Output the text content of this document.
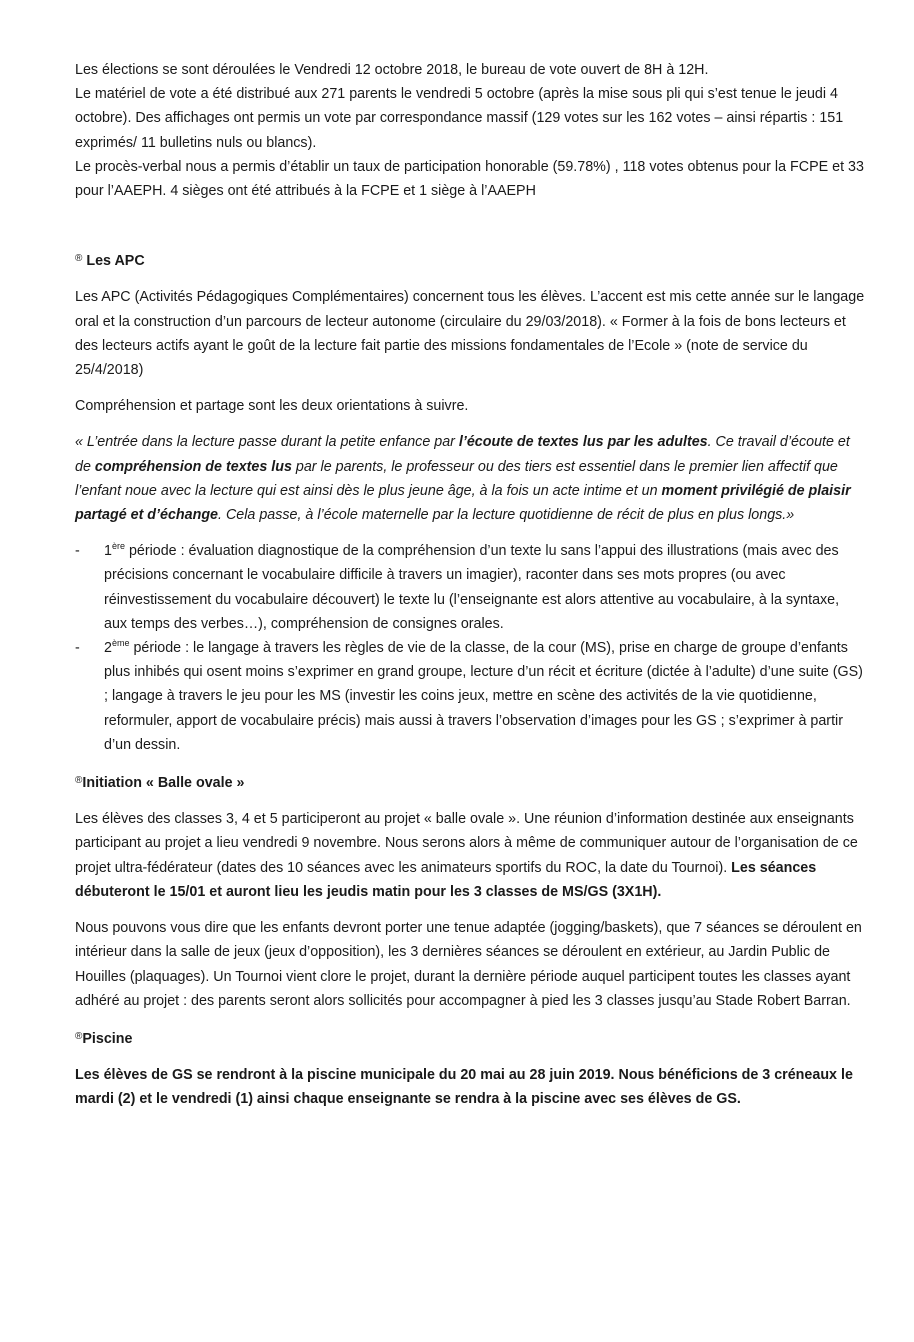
Les élections se sont déroulées le Vendredi 12 octobre 2018, le bureau de vote ouvert de 8H à 12H.

Le matériel de vote a été distribué aux 271 parents le vendredi 5 octobre (après la mise sous pli qui s’est tenue le jeudi 4 octobre). Des affichages ont permis un vote par correspondance massif (129 votes sur les 162 votes – ainsi répartis : 151 exprimés/ 11 bulletins nuls ou blancs).

Le procès-verbal nous a permis d’établir un taux de participation honorable (59.78%) , 118 votes obtenus pour la FCPE et 33 pour l’AAEPH. 4 sièges ont été attribués à la FCPE et 1 siège à l’AAEPH

® Les APC

Les APC (Activités Pédagogiques Complémentaires) concernent tous les élèves. L’accent est mis cette année sur le langage oral et la construction d’un parcours de lecteur autonome (circulaire du 29/03/2018). « Former à la fois de bons lecteurs et des lecteurs actifs ayant le goût de la lecture fait partie des missions fondamentales de l’Ecole » (note de service du 25/4/2018)

Compréhension et partage sont les deux orientations à suivre.

« L’entrée dans la lecture passe durant la petite enfance par l’écoute de textes lus par les adultes. Ce travail d’écoute et de compréhension de textes lus par le parents, le professeur ou des tiers est essentiel dans le premier lien affectif que l’enfant noue avec la lecture qui est ainsi dès le plus jeune âge, à la fois un acte intime et un moment privilégié de plaisir partagé et d’échange. Cela passe, à l’école maternelle par la lecture quotidienne de récit de plus en plus longs.»

- 1ère période : évaluation diagnostique de la compréhension d’un texte lu sans l’appui des illustrations (mais avec des précisions concernant le vocabulaire difficile à travers un imagier), raconter dans ses mots propres (ou avec réinvestissement du vocabulaire découvert) le texte lu (l’enseignante est alors attentive au vocabulaire, à la syntaxe, aux temps des verbes…), compréhension de consignes orales.
- 2ème période : le langage à travers les règles de vie de la classe, de la cour (MS), prise en charge de groupe d’enfants plus inhibés qui osent moins s’exprimer en grand groupe, lecture d’un récit et écriture (dictée à l’adulte) d’une suite (GS) ; langage à travers le jeu pour les MS (investir les coins jeux, mettre en scène des activités de la vie quotidienne, reformuler, apport de vocabulaire précis) mais aussi à travers l’observation d’images pour les GS ; s’exprimer à partir d’un dessin.

®Initiation « Balle ovale »

Les élèves des classes 3, 4 et 5 participeront au projet « balle ovale ». Une réunion d’information destinée aux enseignants participant au projet a lieu vendredi 9 novembre. Nous serons alors à même de communiquer autour de l’organisation de ce projet ultra-fédérateur (dates des 10 séances avec les animateurs sportifs du ROC, la date du Tournoi). Les séances débuteront le 15/01 et auront lieu les jeudis matin pour les 3 classes de MS/GS (3X1H).

Nous pouvons vous dire que les enfants devront porter une tenue adaptée (jogging/baskets), que 7 séances se déroulent en intérieur dans la salle de jeux (jeux d’opposition), les 3 dernières séances se déroulent en extérieur, au Jardin Public de Houilles (plaquages). Un Tournoi vient clore le projet, durant la dernière période auquel participent toutes les classes ayant adhéré au projet : des parents seront alors sollicités pour accompagner à pied les 3 classes jusqu’au Stade Robert Barran.

®Piscine

Les élèves de GS se rendront à la piscine municipale du 20 mai au 28 juin 2019. Nous bénéficions de 3 créneaux le mardi (2) et le vendredi (1) ainsi chaque enseignante se rendra à la piscine avec ses élèves de GS.
